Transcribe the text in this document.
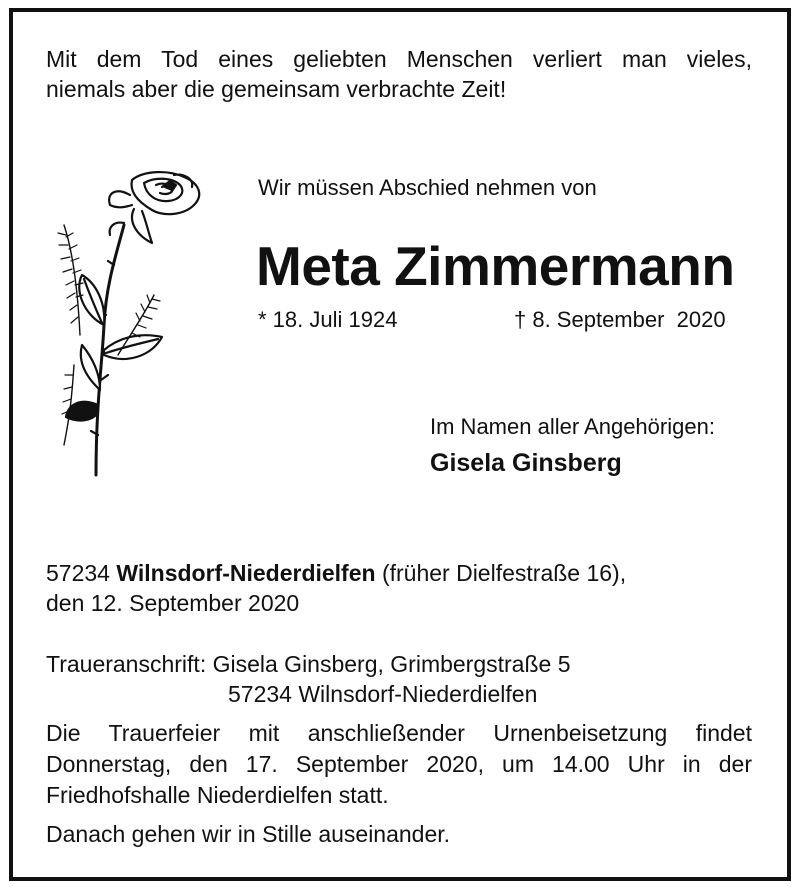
Mit dem Tod eines geliebten Menschen verliert man vieles,
niemals aber die gemeinsam verbrachte Zeit!
Wir müssen Abschied nehmen von
Meta Zimmermann
* 18. Juli 1924	† 8. September  2020
Im Namen aller Angehörigen:
Gisela Ginsberg
57234 Wilnsdorf-Niederdielfen (früher Dielfestraße 16),
den 12. September 2020
Traueranschrift: Gisela Ginsberg, Grimbergstraße 5
57234 Wilnsdorf-Niederdielfen
Die Trauerfeier mit anschließender Urnenbeisetzung findet
Donnerstag, den 17. September 2020, um 14.00 Uhr in der
Friedhofshalle Niederdielfen statt.
Danach gehen wir in Stille auseinander.
